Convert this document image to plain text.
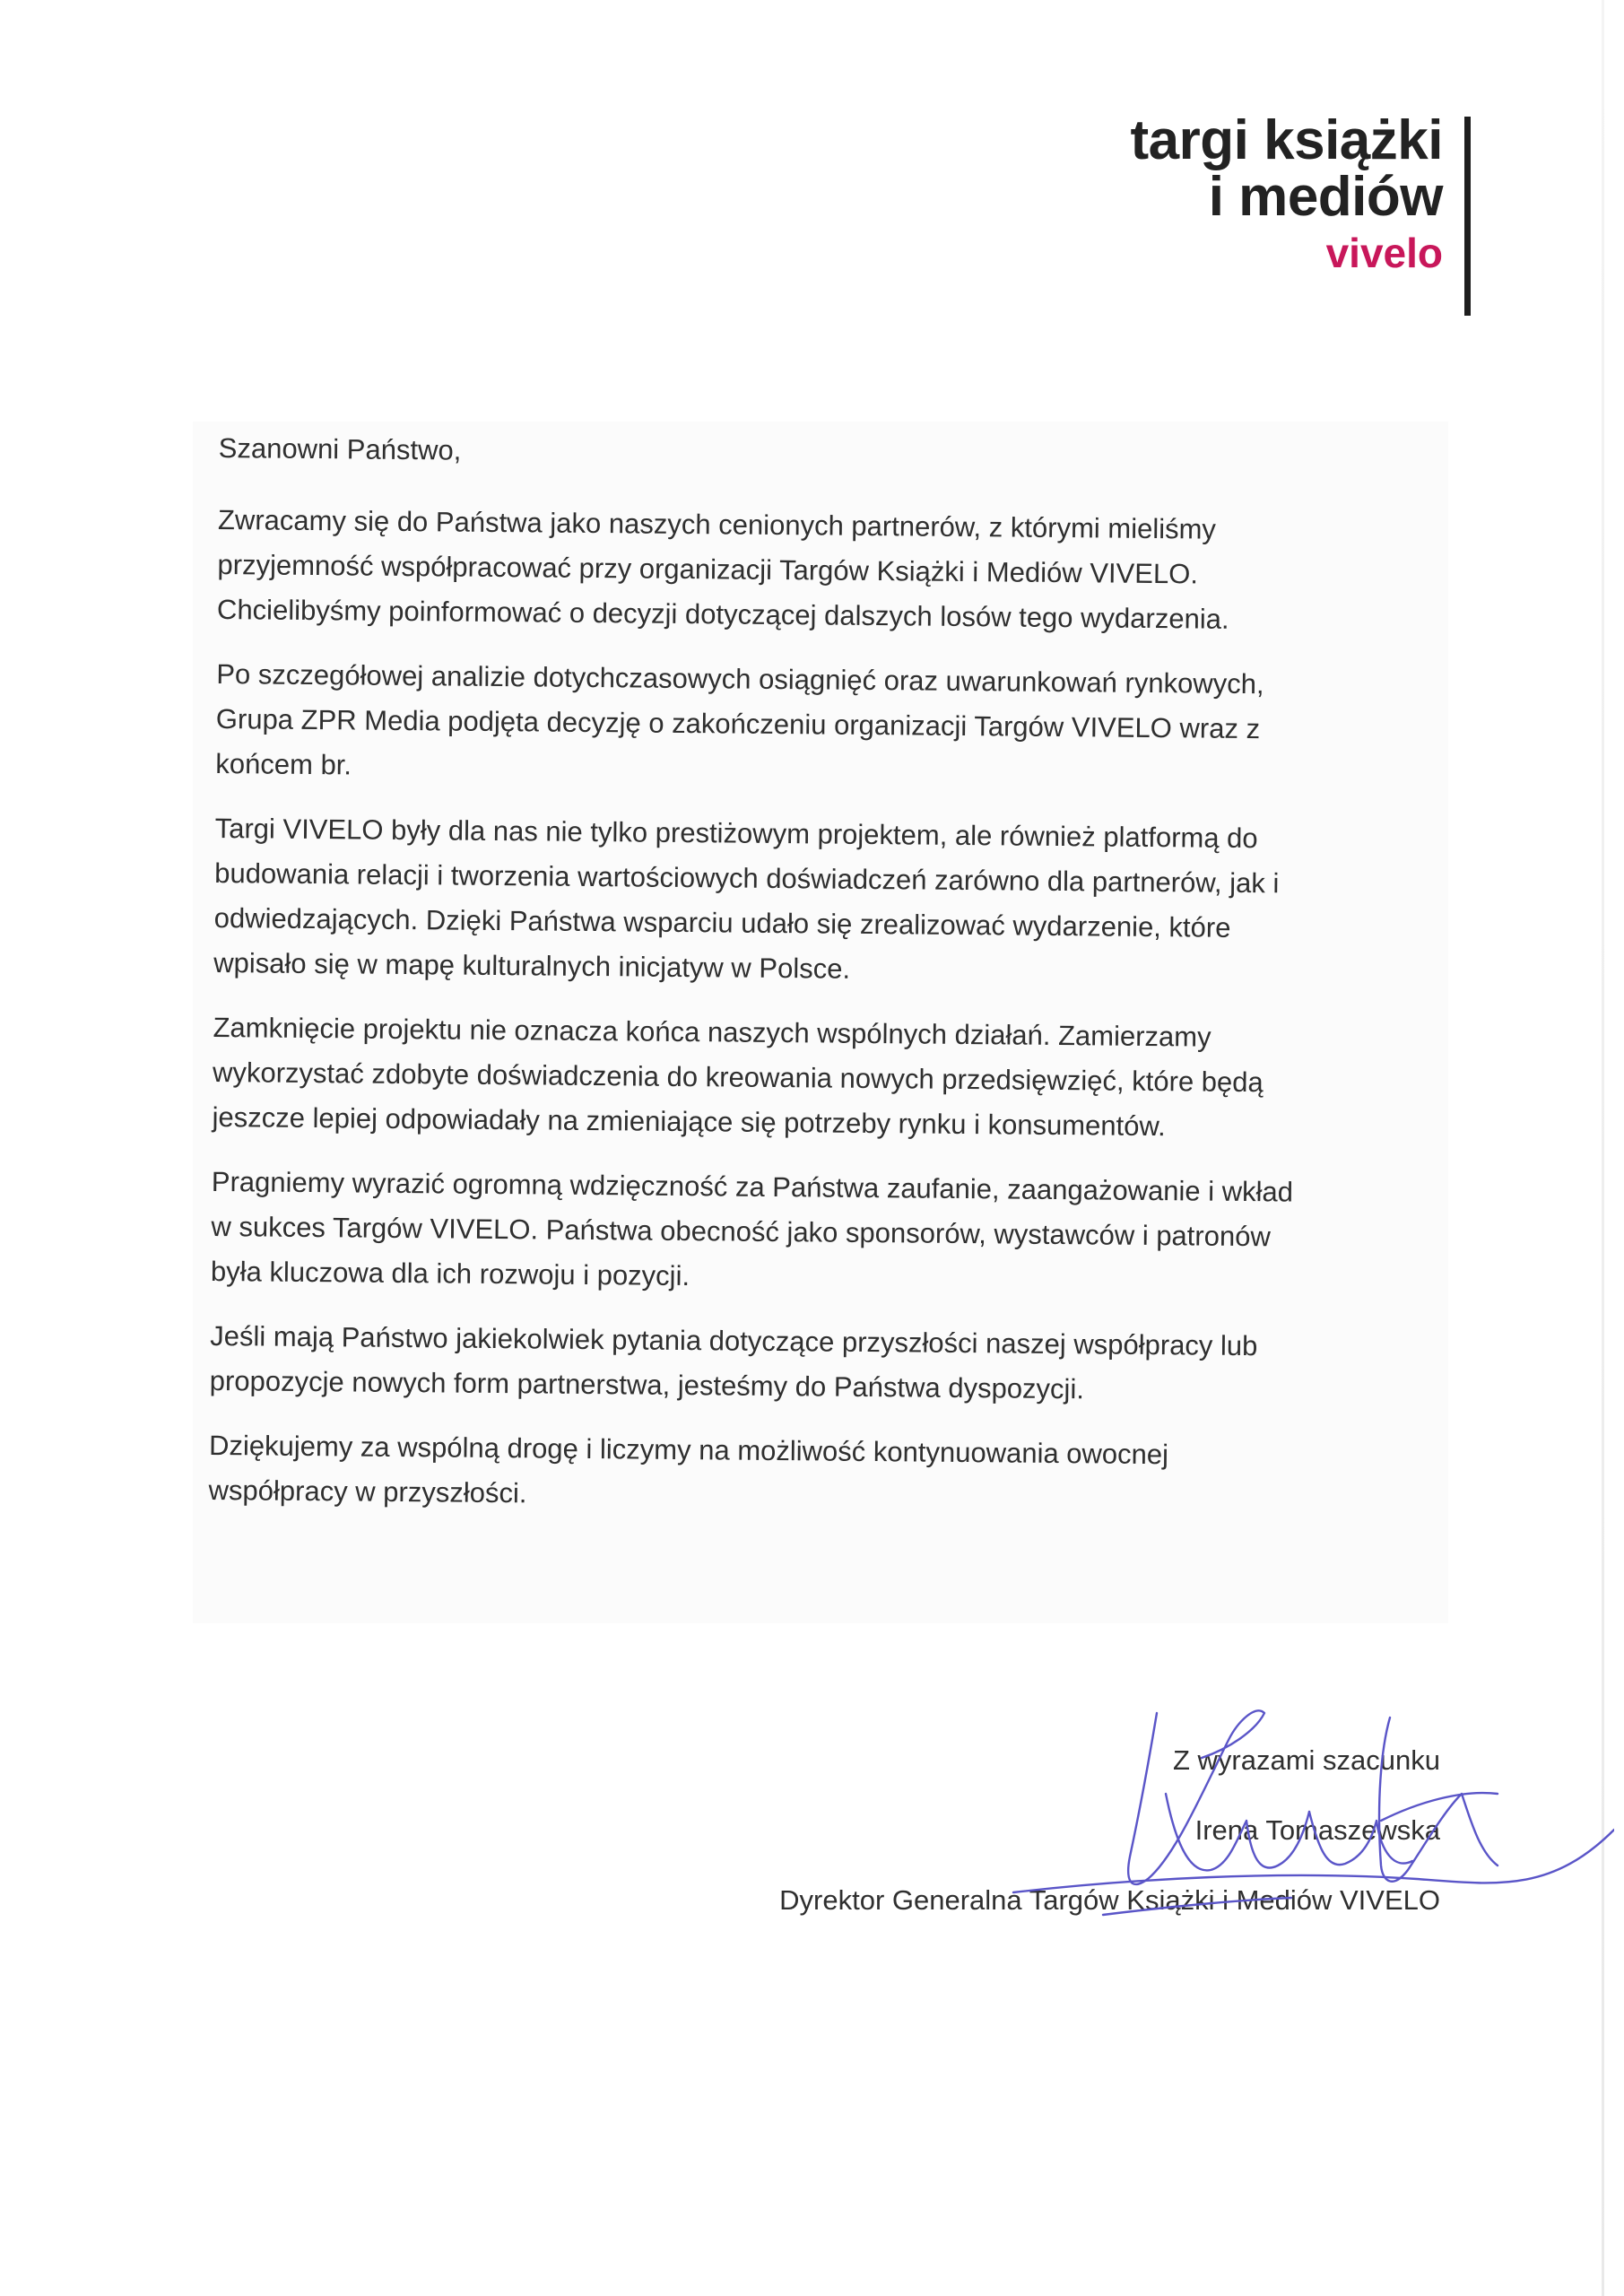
targi książki
i mediów
vivelo

Szanowni Państwo,

Zwracamy się do Państwa jako naszych cenionych partnerów, z którymi mieliśmy
przyjemność współpracować przy organizacji Targów Książki i Mediów VIVELO.
Chcielibyśmy poinformować o decyzji dotyczącej dalszych losów tego wydarzenia.

Po szczegółowej analizie dotychczasowych osiągnięć oraz uwarunkowań rynkowych,
Grupa ZPR Media podjęta decyzję o zakończeniu organizacji Targów VIVELO wraz z
końcem br.

Targi VIVELO były dla nas nie tylko prestiżowym projektem, ale również platformą do
budowania relacji i tworzenia wartościowych doświadczeń zarówno dla partnerów, jak i
odwiedzających. Dzięki Państwa wsparciu udało się zrealizować wydarzenie, które
wpisało się w mapę kulturalnych inicjatyw w Polsce.

Zamknięcie projektu nie oznacza końca naszych wspólnych działań. Zamierzamy
wykorzystać zdobyte doświadczenia do kreowania nowych przedsięwzięć, które będą
jeszcze lepiej odpowiadały na zmieniające się potrzeby rynku i konsumentów.

Pragniemy wyrazić ogromną wdzięczność za Państwa zaufanie, zaangażowanie i wkład
w sukces Targów VIVELO. Państwa obecność jako sponsorów, wystawców i patronów
była kluczowa dla ich rozwoju i pozycji.

Jeśli mają Państwo jakiekolwiek pytania dotyczące przyszłości naszej współpracy lub
propozycje nowych form partnerstwa, jesteśmy do Państwa dyspozycji.

Dziękujemy za wspólną drogę i liczymy na możliwość kontynuowania owocnej
współpracy w przyszłości.

Z wyrazami szacunku
Irena Tomaszewska
Dyrektor Generalna Targów Książki i Mediów VIVELO
